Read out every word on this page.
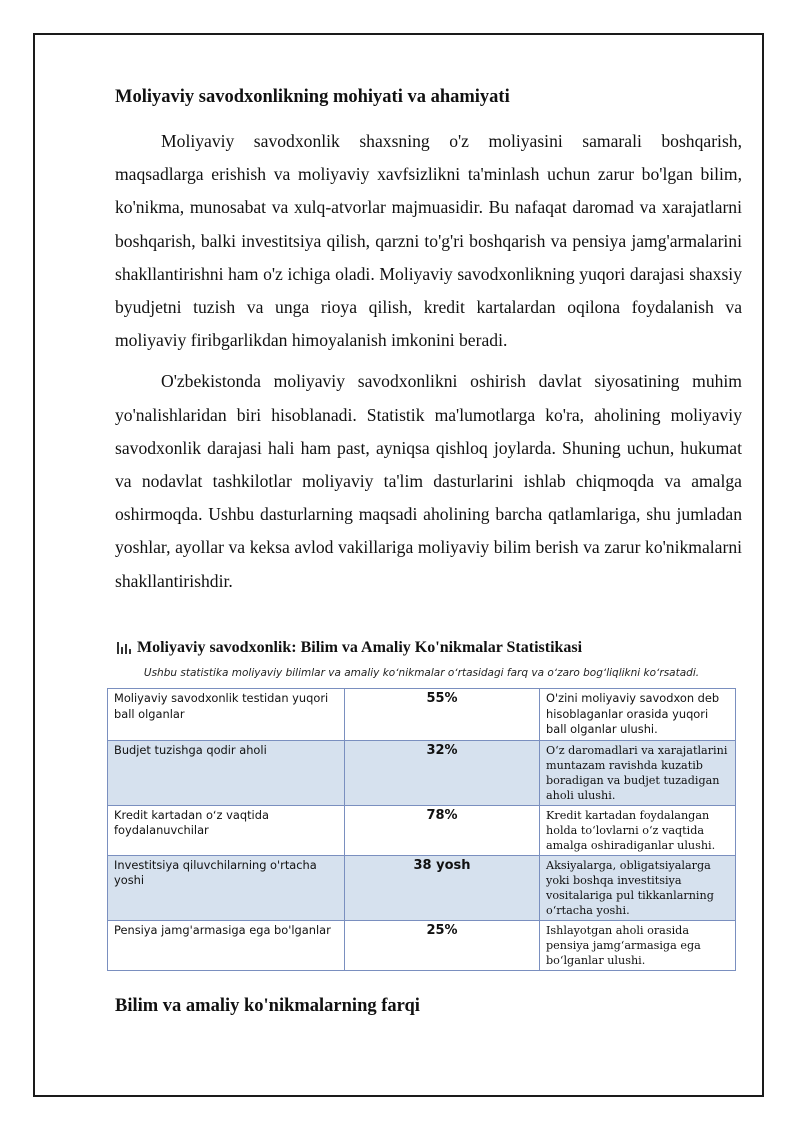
Moliyaviy savodxonlikning mohiyati va ahamiyati

Moliyaviy savodxonlik shaxsning o'z moliyasini samarali boshqarish, maqsadlarga erishish va moliyaviy xavfsizlikni ta'minlash uchun zarur bo'lgan bilim, ko'nikma, munosabat va xulq-atvorlar majmuasidir. Bu nafaqat daromad va xarajatlarni boshqarish, balki investitsiya qilish, qarzni to'g'ri boshqarish va pensiya jamg'armalarini shakllantirishni ham o'z ichiga oladi. Moliyaviy savodxonlikning yuqori darajasi shaxsiy byudjetni tuzish va unga rioya qilish, kredit kartalardan oqilona foydalanish va moliyaviy firibgarlikdan himoyalanish imkonini beradi.

O'zbekistonda moliyaviy savodxonlikni oshirish davlat siyosatining muhim yo'nalishlaridan biri hisoblanadi. Statistik ma'lumotlarga ko'ra, aholining moliyaviy savodxonlik darajasi hali ham past, ayniqsa qishloq joylarda. Shuning uchun, hukumat va nodavlat tashkilotlar moliyaviy ta'lim dasturlarini ishlab chiqmoqda va amalga oshirmoqda. Ushbu dasturlarning maqsadi aholining barcha qatlamlariga, shu jumladan yoshlar, ayollar va keksa avlod vakillariga moliyaviy bilim berish va zarur ko'nikmalarni shakllantirishdir.

Moliyaviy savodxonlik: Bilim va Amaliy Ko'nikmalar Statistikasi
Ushbu statistika moliyaviy bilimlar va amaliy koʻnikmalar oʻrtasidagi farq va oʻzaro bogʻliqlikni koʻrsatadi.
Moliyaviy savodxonlik testidan yuqori ball olganlar	55%	O'zini moliyaviy savodxon deb hisoblaganlar orasida yuqori ball olganlar ulushi.
Budjet tuzishga qodir aholi	32%	Oʻz daromadlari va xarajatlarini muntazam ravishda kuzatib boradigan va budjet tuzadigan aholi ulushi.
Kredit kartadan oʻz vaqtida foydalanuvchilar	78%	Kredit kartadan foydalangan holda toʻlovlarni oʻz vaqtida amalga oshiradiganlar ulushi.
Investitsiya qiluvchilarning o'rtacha yoshi	38 yosh	Aksiyalarga, obligatsiyalarga yoki boshqa investitsiya vositalariga pul tikkanlarning oʻrtacha yoshi.
Pensiya jamg'armasiga ega bo'lganlar	25%	Ishlayotgan aholi orasida pensiya jamgʻarmasiga ega boʻlganlar ulushi.
Bilim va amaliy ko'nikmalarning farqi
